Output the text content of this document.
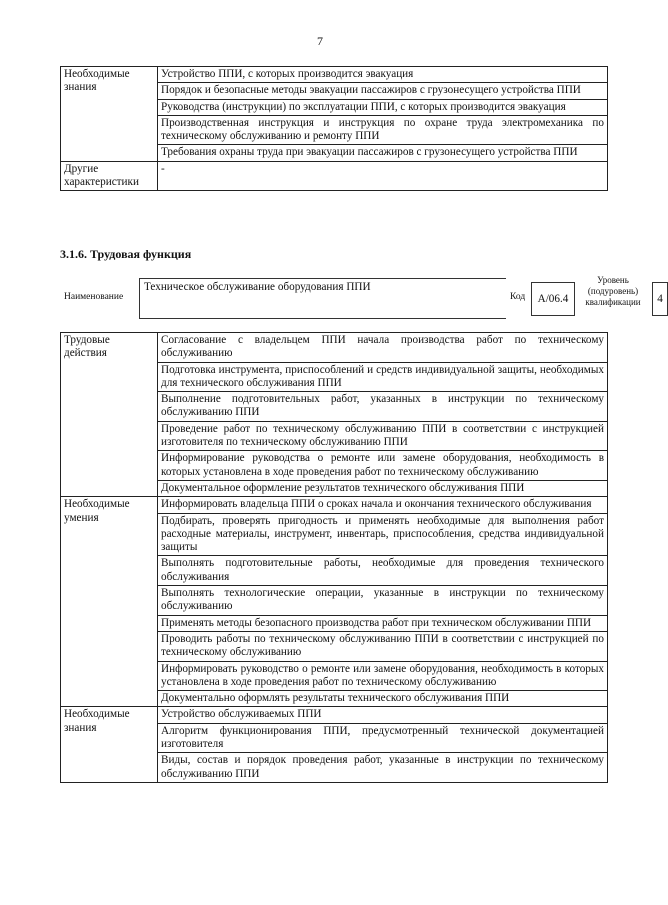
7
Необходимые знания	Устройство ППИ, с которых производится эвакуация
	Порядок и безопасные методы эвакуации пассажиров с грузонесущего устройства ППИ
	Руководства (инструкции) по эксплуатации ППИ, с которых производится эвакуация
	Производственная инструкция и инструкция по охране труда электромеханика по техническому обслуживанию и ремонту ППИ
	Требования охраны труда при эвакуации пассажиров с грузонесущего устройства ППИ
Другие характеристики	-
3.1.6. Трудовая функция
Наименование
Техническое обслуживание оборудования ППИ
Код	A/06.4
Уровень (подуровень) квалификации	4
Трудовые действия	Согласование с владельцем ППИ начала производства работ по техническому обслуживанию
	Подготовка инструмента, приспособлений и средств индивидуальной защиты, необходимых для технического обслуживания ППИ
	Выполнение подготовительных работ, указанных в инструкции по техническому обслуживанию ППИ
	Проведение работ по техническому обслуживанию ППИ в соответствии с инструкцией изготовителя по техническому обслуживанию ППИ
	Информирование руководства о ремонте или замене оборудования, необходимость в которых установлена в ходе проведения работ по техническому обслуживанию
	Документальное оформление результатов технического обслуживания ППИ
Необходимые умения	Информировать владельца ППИ о сроках начала и окончания технического обслуживания
	Подбирать, проверять пригодность и применять необходимые для выполнения работ расходные материалы, инструмент, инвентарь, приспособления, средства индивидуальной защиты
	Выполнять подготовительные работы, необходимые для проведения технического обслуживания
	Выполнять технологические операции, указанные в инструкции по техническому обслуживанию
	Применять методы безопасного производства работ при техническом обслуживании ППИ
	Проводить работы по техническому обслуживанию ППИ в соответствии с инструкцией по техническому обслуживанию
	Информировать руководство о ремонте или замене оборудования, необходимость в которых установлена в ходе проведения работ по техническому обслуживанию
	Документально оформлять результаты технического обслуживания ППИ
Необходимые знания	Устройство обслуживаемых ППИ
	Алгоритм функционирования ППИ, предусмотренный технической документацией изготовителя
	Виды, состав и порядок проведения работ, указанные в инструкции по техническому обслуживанию ППИ
